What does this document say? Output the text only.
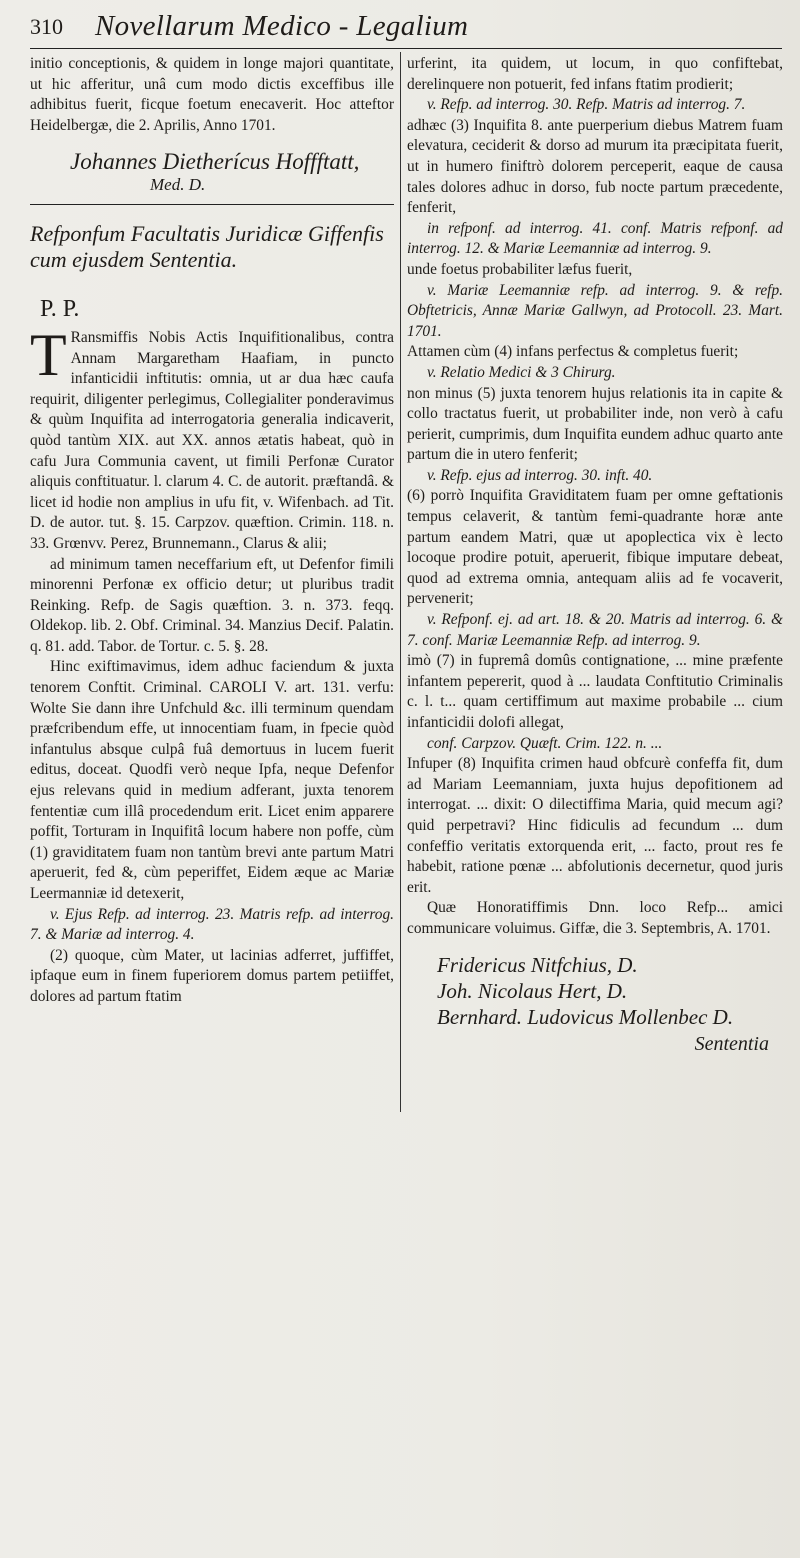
310 Novellarum Medico - Legalium

initio conceptionis, & quidem in longe majori quantitate, ut hic afferitur, unâ cum modo dictis exceffibus ille adhibitus fuerit, ficque foetum enecaverit. Hoc atteftor Heidelbergæ, die 2. Aprilis, Anno 1701.

Johannes Dietherícus Hoffftatt,
Med. D.
Refponfum Facultatis Juridicæ Giffenfis cum ejusdem Sententia.
P. P.

T Ransmiffis Nobis Actis Inquifitionalibus, contra Annam Margaretham Haafiam, in puncto infanticidii inftitutis: omnia, ut ar dua hæc caufa requirit, diligenter perlegimus, Collegialiter ponderavimus & quùm Inquifita ad interrogatoria generalia indicaverit, quòd tantùm XIX. aut XX. annos ætatis habeat, quò in cafu Jura Communia cavent, ut fimili Perfonæ Curator aliquis conftituatur. l. clarum 4. C. de autorit. præftandâ. & licet id hodie non amplius in ufu fit, v. Wifenbach. ad Tit. D. de autor. tut. §. 15. Carpzov. quæftion. Crimin. 118. n. 33. Grœnvv. Perez, Brunnemann., Clarus & alii;

ad minimum tamen neceffarium eft, ut Defenfor fimili minorenni Perfonæ ex officio detur; ut pluribus tradit Reinking. Refp. de Sagis quæftion. 3. n. 373. feqq. Oldekop. lib. 2. Obf. Criminal. 34. Manzius Decif. Palatin. q. 81. add. Tabor. de Tortur. c. 5. §. 28.

Hinc exiftimavimus, idem adhuc faciendum & juxta tenorem Conftit. Criminal. CAROLI V. art. 131. verfu: Wolte Sie dann ihre Unfchuld &c. illi terminum quendam præfcribendum effe, ut innocentiam fuam, in fpecie quòd infantulus absque culpâ fuâ demortuus in lucem fuerit editus, doceat. Quodfi verò neque Ipfa, neque Defenfor ejus relevans quid in medium adferant, juxta tenorem fententiæ cum illâ procedendum erit. Licet enim apparere poffit, Torturam in Inquifitâ locum habere non poffe, cùm (1) graviditatem fuam non tantùm brevi ante partum Matri aperuerit, fed &, cùm peperiffet, Eidem æque ac Mariæ Leermanniæ id detexerit,

v. Ejus Refp. ad interrog. 23. Matris refp. ad interrog. 7. & Mariæ ad interrog. 4.

(2) quoque, cùm Mater, ut lacinias adferret, juffiffet, ipfaque eum in finem fuperiorem domus partem petiiffet, dolores ad partum ftatim

urferint, ita quidem, ut locum, in quo confiftebat, derelinquere non potuerit, fed infans ftatim prodierit;

v. Refp. ad interrog. 30. Refp. Matris ad interrog. 7.

adhæc (3) Inquifita 8. ante puerperium diebus Matrem fuam elevatura, ceciderit & dorso ad murum ita præcipitata fuerit, ut in humero finiftrò dolorem perceperit, eaque de causa tales dolores adhuc in dorso, fub nocte partum præcedente, fenferit,

in refponf. ad interrog. 41. conf. Matris refponf. ad interrog. 12. & Mariæ Leemanniæ ad interrog. 9.

unde foetus probabiliter læfus fuerit,

v. Mariæ Leemanniæ refp. ad interrog. 9. & refp. Obftetricis, Annæ Mariæ Gallwyn, ad Protocoll. 23. Mart. 1701.

Attamen cùm (4) infans perfectus & completus fuerit;

v. Relatio Medici & 3 Chirurg.

non minus (5) juxta tenorem hujus relationis ita in capite & collo tractatus fuerit, ut probabiliter inde, non verò à cafu perierit, cumprimis, dum Inquifita eundem adhuc quarto ante partum die in utero fenferit;

v. Refp. ejus ad interrog. 30. inft. 40.

(6) porrò Inquifita Graviditatem fuam per omne geftationis tempus celaverit, & tantùm femi-quadrante horæ ante partum eandem Matri, quæ ut apoplectica vix è lecto locoque prodire potuit, aperuerit, fibique imputare debeat, quod ad extrema omnia, antequam aliis ad fe vocaverit, pervenerit;

v. Refponf. ej. ad art. 18. & 20. Matris ad interrog. 6. & 7. conf. Mariæ Leemanniæ Refp. ad interrog. 9.

imò (7) in fupremâ domûs contignatione, ... mine præfente infantem pepererit, quod à ... laudata Conftitutio Criminalis c. l. t... quam certiffimum aut maxime probabile ... cium infanticidii dolofi allegat,

conf. Carpzov. Quæft. Crim. 122. n. ...

Infuper (8) Inquifita crimen haud obfcurè confeffa fit, dum ad Mariam Leemanniam, juxta hujus depofitionem ad interrogat. ... dixit: O dilectiffima Maria, quid mecum agi? quid perpetravi? Hinc fidiculis ad fecundum ... dum confeffio veritatis extorquenda erit, ... facto, prout res fe habebit, ratione pœnæ ... abfolutionis decernetur, quod juris erit.

Quæ Honoratiffimis Dnn. loco Refp... amici communicare voluimus. Giffæ, die 3. Septembris, A. 1701.

Fridericus Nitfchius, D.
Joh. Nicolaus Hert, D.
Bernhard. Ludovicus Mollenbec D.
Sententia
